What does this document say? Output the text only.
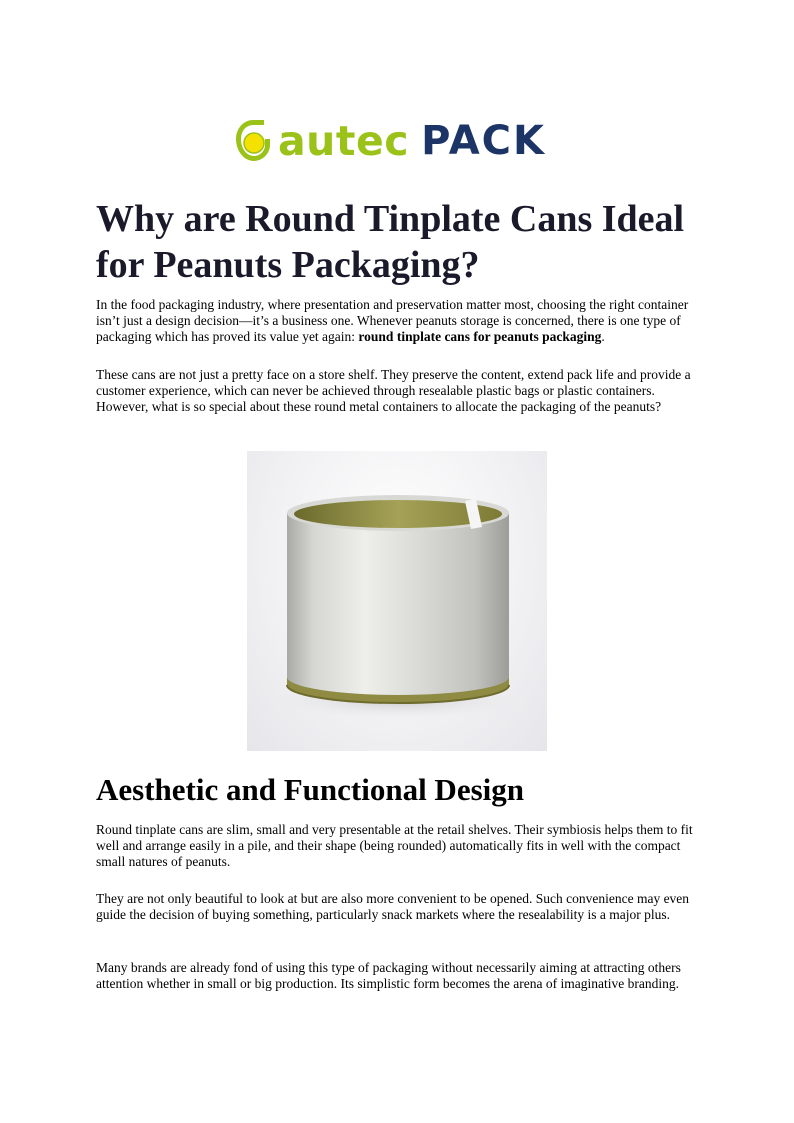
autec PACK
Why are Round Tinplate Cans Ideal for Peanuts Packaging?

In the food packaging industry, where presentation and preservation matter most, choosing the right container isn’t just a design decision—it’s a business one. Whenever peanuts storage is concerned, there is one type of packaging which has proved its value yet again: round tinplate cans for peanuts packaging.

These cans are not just a pretty face on a store shelf. They preserve the content, extend pack life and provide a customer experience, which can never be achieved through resealable plastic bags or plastic containers. However, what is so special about these round metal containers to allocate the packaging of the peanuts?

Aesthetic and Functional Design

Round tinplate cans are slim, small and very presentable at the retail shelves. Their symbiosis helps them to fit well and arrange easily in a pile, and their shape (being rounded) automatically fits in well with the compact small natures of peanuts.

They are not only beautiful to look at but are also more convenient to be opened. Such convenience may even guide the decision of buying something, particularly snack markets where the resealability is a major plus.

Many brands are already fond of using this type of packaging without necessarily aiming at attracting others attention whether in small or big production. Its simplistic form becomes the arena of imaginative branding.
